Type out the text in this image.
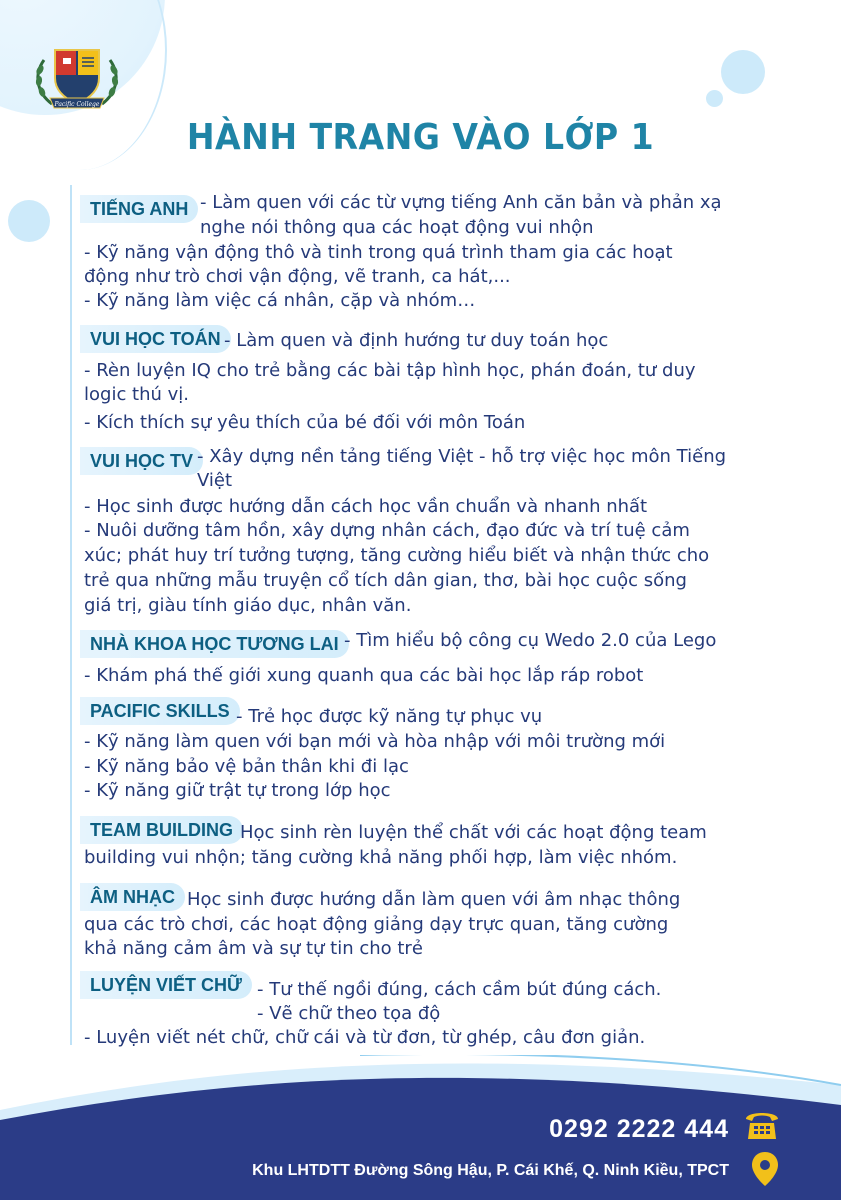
Pacific College
HÀNH TRANG VÀO LỚP 1
TIẾNG ANH - Làm quen với các từ vựng tiếng Anh căn bản và phản xạ
nghe nói thông qua các hoạt động vui nhộn
- Kỹ năng vận động thô và tinh trong quá trình tham gia các hoạt
động như trò chơi vận động, vẽ tranh, ca hát,...
- Kỹ năng làm việc cá nhân, cặp và nhóm…
VUI HỌC TOÁN - Làm quen và định hướng tư duy toán học
- Rèn luyện IQ cho trẻ bằng các bài tập hình học, phán đoán, tư duy
logic thú vị.
- Kích thích sự yêu thích của bé đối với môn Toán
VUI HỌC TV - Xây dựng nền tảng tiếng Việt - hỗ trợ việc học môn Tiếng
Việt
- Học sinh được hướng dẫn cách học vần chuẩn và nhanh nhất
- Nuôi dưỡng tâm hồn, xây dựng nhân cách, đạo đức và trí tuệ cảm
xúc; phát huy trí tưởng tượng, tăng cường hiểu biết và nhận thức cho
trẻ qua những mẫu truyện cổ tích dân gian, thơ, bài học cuộc sống
giá trị, giàu tính giáo dục, nhân văn.
NHÀ KHOA HỌC TƯƠNG LAI - Tìm hiểu bộ công cụ Wedo 2.0 của Lego
- Khám phá thế giới xung quanh qua các bài học lắp ráp robot
PACIFIC SKILLS - Trẻ học được kỹ năng tự phục vụ
- Kỹ năng làm quen với bạn mới và hòa nhập với môi trường mới
- Kỹ năng bảo vệ bản thân khi đi lạc
- Kỹ năng giữ trật tự trong lớp học
TEAM BUILDING Học sinh rèn luyện thể chất với các hoạt động team
building vui nhộn; tăng cường khả năng phối hợp, làm việc nhóm.
ÂM NHẠC Học sinh được hướng dẫn làm quen với âm nhạc thông
qua các trò chơi, các hoạt động giảng dạy trực quan, tăng cường
khả năng cảm âm và sự tự tin cho trẻ
LUYỆN VIẾT CHỮ - Tư thế ngồi đúng, cách cầm bút đúng cách.
- Vẽ chữ theo tọa độ
- Luyện viết nét chữ, chữ cái và từ đơn, từ ghép, câu đơn giản.
0292 2222 444
Khu LHTDTT Đường Sông Hậu, P. Cái Khế, Q. Ninh Kiều, TPCT
